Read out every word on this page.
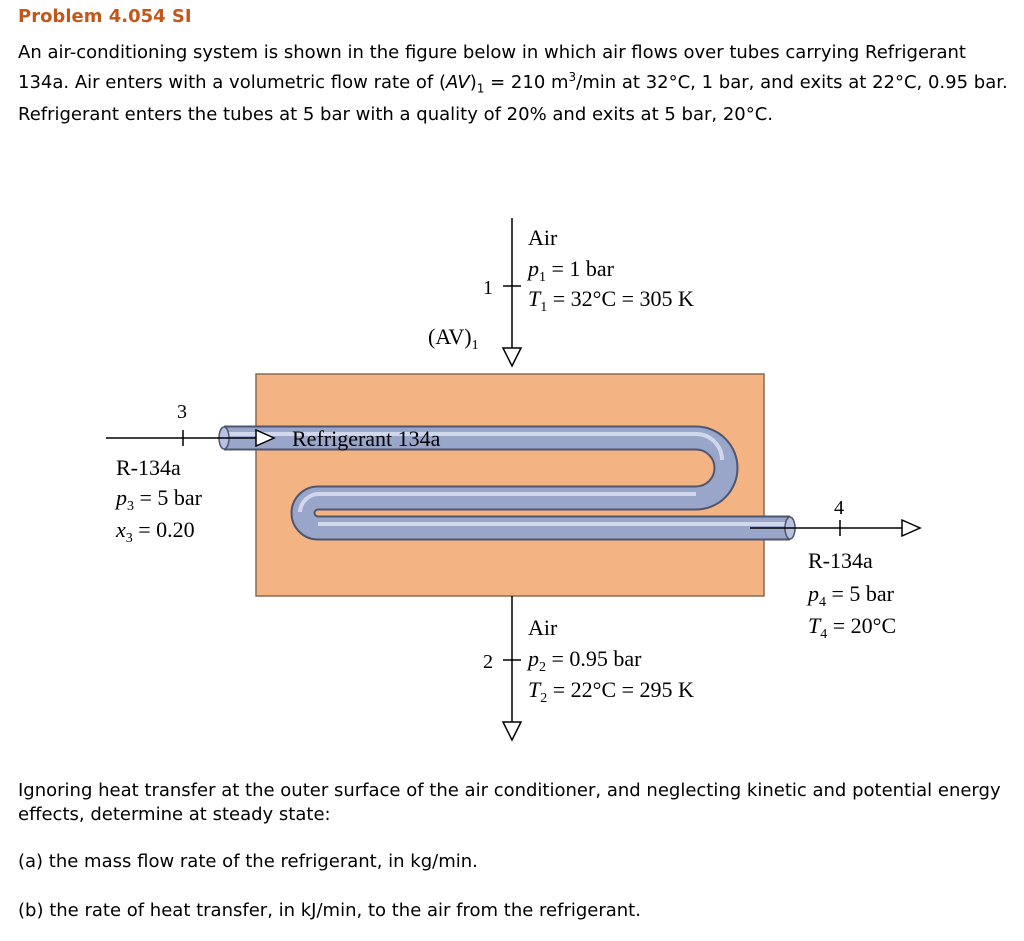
Problem 4.054 SI
An air-conditioning system is shown in the figure below in which air flows over tubes carrying Refrigerant 134a. Air enters with a volumetric flow rate of $(AV)_1 = 210$ $m^3/\min$ at 32°C, 1 bar, and exits at 22°C, 0.95 bar. Refrigerant enters the tubes at 5 bar with a quality of 20% and exits at 5 bar, 20°C.
Refrigerant 134a
1
Air
$p_1 = 1$ bar
$T_1 = 32^\circ C = 305$ K
$(AV)_1$
2
Air
$p_2 = 0.95$ bar
$T_2 = 22^\circ C = 295$ K
3
R-134a
$p_3 = 5$ bar
$x_3 = 0.20$
4
R-134a
$p_4 = 5$ bar
$T_4 = 20^\circ C$
Ignoring heat transfer at the outer surface of the air conditioner, and neglecting kinetic and potential energy effects, determine at steady state:
(a) the mass flow rate of the refrigerant, in kg/min.
(b) the rate of heat transfer, in kJ/min, to the air from the refrigerant.
